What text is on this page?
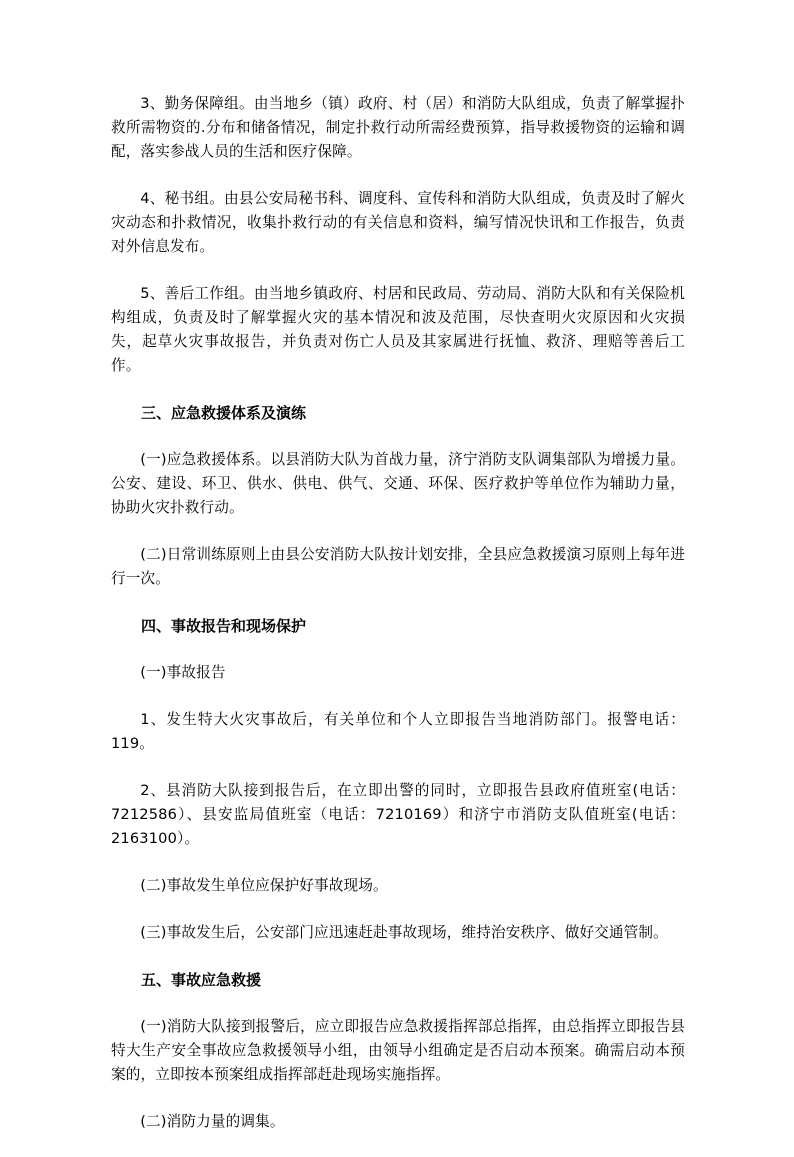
3、勤务保障组。由当地乡（镇）政府、村（居）和消防大队组成，负责了解掌握扑救所需物资的.分布和储备情况，制定扑救行动所需经费预算，指导救援物资的运输和调配，落实参战人员的生活和医疗保障。

4、秘书组。由县公安局秘书科、调度科、宣传科和消防大队组成，负责及时了解火灾动态和扑救情况，收集扑救行动的有关信息和资料，编写情况快讯和工作报告，负责对外信息发布。

5、善后工作组。由当地乡镇政府、村居和民政局、劳动局、消防大队和有关保险机构组成，负责及时了解掌握火灾的基本情况和波及范围，尽快查明火灾原因和火灾损失，起草火灾事故报告，并负责对伤亡人员及其家属进行抚恤、救济、理赔等善后工作。

三、应急救援体系及演练

(一)应急救援体系。以县消防大队为首战力量，济宁消防支队调集部队为增援力量。公安、建设、环卫、供水、供电、供气、交通、环保、医疗救护等单位作为辅助力量，协助火灾扑救行动。

(二)日常训练原则上由县公安消防大队按计划安排，全县应急救援演习原则上每年进行一次。

四、事故报告和现场保护

(一)事故报告

1、发生特大火灾事故后，有关单位和个人立即报告当地消防部门。报警电话：119。

2、县消防大队接到报告后，在立即出警的同时，立即报告县政府值班室(电话：7212586）、县安监局值班室（电话：7210169）和济宁市消防支队值班室(电话：2163100）。

(二)事故发生单位应保护好事故现场。

(三)事故发生后，公安部门应迅速赶赴事故现场，维持治安秩序、做好交通管制。

五、事故应急救援

(一)消防大队接到报警后，应立即报告应急救援指挥部总指挥，由总指挥立即报告县特大生产安全事故应急救援领导小组，由领导小组确定是否启动本预案。确需启动本预案的，立即按本预案组成指挥部赶赴现场实施指挥。

(二)消防力量的调集。
